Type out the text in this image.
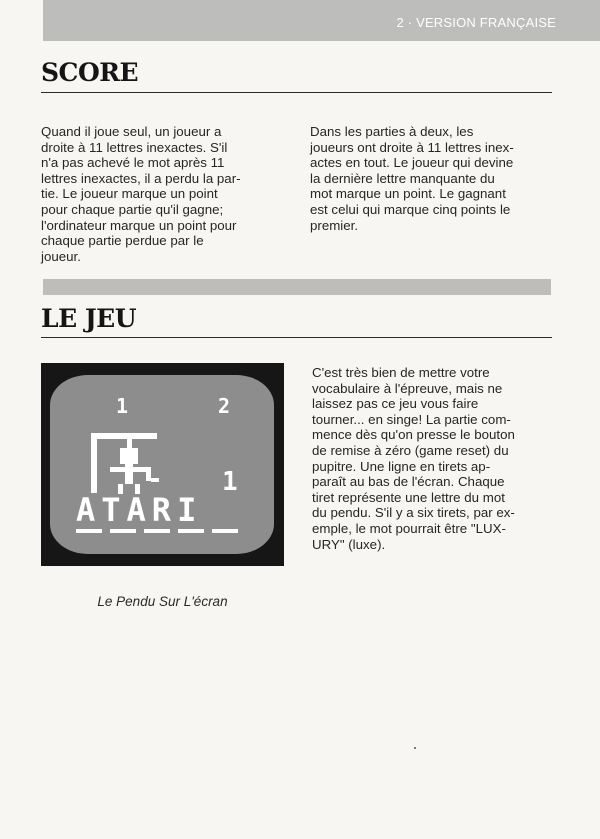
2 · VERSION FRANÇAISE
SCORE
Quand il joue seul, un joueur a
droite à 11 lettres inexactes. S'il
n'a pas achevé le mot après 11
lettres inexactes, il a perdu la par-
tie. Le joueur marque un point
pour chaque partie qu'il gagne;
l'ordinateur marque un point pour
chaque partie perdue par le
joueur.
Dans les parties à deux, les
joueurs ont droite à 11 lettres inex-
actes en tout. Le joueur qui devine
la dernière lettre manquante du
mot marque un point. Le gagnant
est celui qui marque cinq points le
premier.
LE JEU
1	2
1
ATARI
Le Pendu Sur L'écran
C'est très bien de mettre votre
vocabulaire à l'épreuve, mais ne
laissez pas ce jeu vous faire
tourner... en singe! La partie com-
mence dès qu'on presse le bouton
de remise à zéro (game reset) du
pupitre. Une ligne en tirets ap-
paraît au bas de l'écran. Chaque
tiret représente une lettre du mot
du pendu. S'il y a six tirets, par ex-
emple, le mot pourrait être "LUX-
URY" (luxe).
